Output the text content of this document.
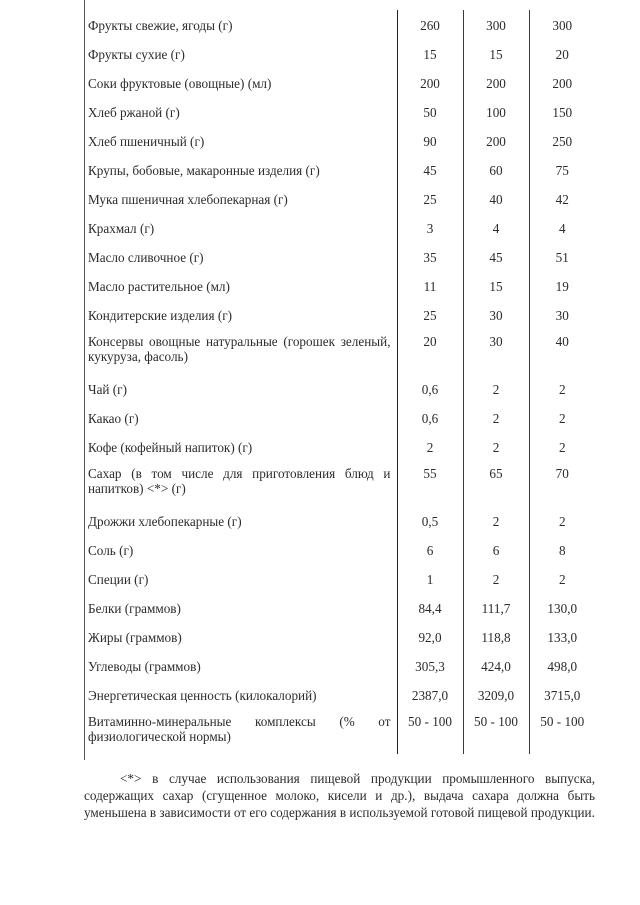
Фрукты свежие, ягоды (г)	260	300	300
Фрукты сухие (г)	15	15	20
Соки фруктовые (овощные) (мл)	200	200	200
Хлеб ржаной (г)	50	100	150
Хлеб пшеничный (г)	90	200	250
Крупы, бобовые, макаронные изделия (г)	45	60	75
Мука пшеничная хлебопекарная (г)	25	40	42
Крахмал (г)	3	4	4
Масло сливочное (г)	35	45	51
Масло растительное (мл)	11	15	19
Кондитерские изделия (г)	25	30	30
Консервы овощные натуральные (горошек зеленый, кукуруза, фасоль)	20	30	40
Чай (г)	0,6	2	2
Какао (г)	0,6	2	2
Кофе (кофейный напиток) (г)	2	2	2
Сахар (в том числе для приготовления блюд и напитков) <*> (г)	55	65	70
Дрожжи хлебопекарные (г)	0,5	2	2
Соль (г)	6	6	8
Специи (г)	1	2	2
Белки (граммов)	84,4	111,7	130,0
Жиры (граммов)	92,0	118,8	133,0
Углеводы (граммов)	305,3	424,0	498,0
Энергетическая ценность (килокалорий)	2387,0	3209,0	3715,0
Витаминно-минеральные комплексы (% от физиологической нормы)	50 - 100	50 - 100	50 - 100

<*> в случае использования пищевой продукции промышленного выпуска, содержащих сахар (сгущенное молоко, кисели и др.), выдача сахара должна быть уменьшена в зависимости от его содержания в используемой готовой пищевой продукции.
